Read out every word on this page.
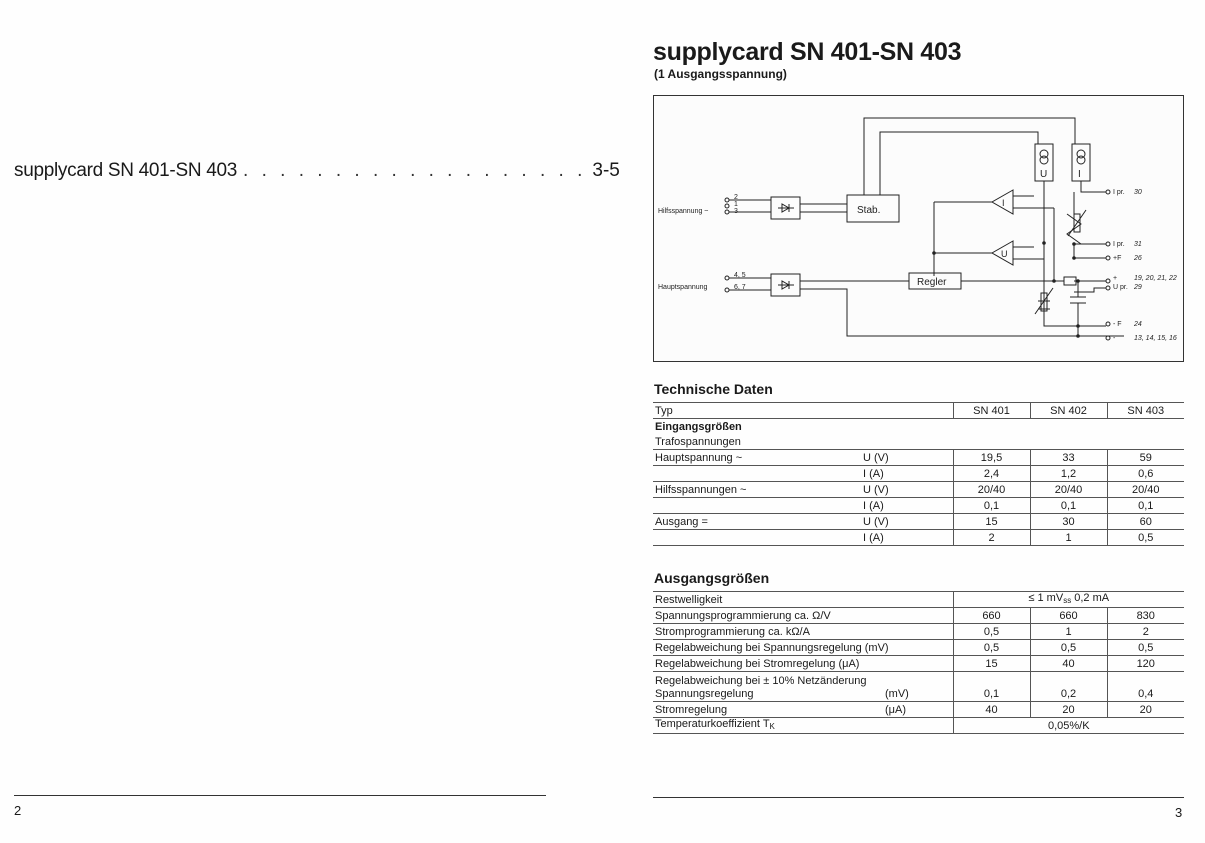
supplycard SN 401-SN 403 . . . . . . . . . . . . . . . . . . . 3-5
2
supplycard SN 401-SN 403
(1 Ausgangsspannung)
Hilfsspannung ~
2
1
3
Hauptspannung
4, 5
6, 7
Stab.
Regler
U	I
I
U
I pr. 30
I pr. 31
+F 26
+ 19, 20, 21, 22
U pr. 29
- F 24
-	13, 14, 15, 16
Technische Daten
Typ		SN 401	SN 402	SN 403
Eingangsgrößen				
Trafospannungen				
Hauptspannung ~	U (V)	19,5	33	59
	I (A)	2,4	1,2	0,6
Hilfsspannungen ~	U (V)	20/40	20/40	20/40
	I (A)	0,1	0,1	0,1
Ausgang =	U (V)	15	30	60
	I (A)	2	1	0,5
Ausgangsgrößen
Restwelligkeit		≤ 1 $mV_{ss}$ 0,2 mA		
Spannungsprogrammierung ca. Ω/V		660	660	830
Stromprogrammierung ca. kΩ/A		0,5	1	2
Regelabweichung bei Spannungsregelung (mV)		0,5	0,5	0,5
Regelabweichung bei Stromregelung (μA)		15	40	120

Regelabweichung bei ± 10% Netzänderung
Spannungsregelung	(mV)	0,1	0,2	0,4
Stromregelung	(μA)	40	20	20
Temperaturkoeffizient $T_K$		0,05%/K		
3
